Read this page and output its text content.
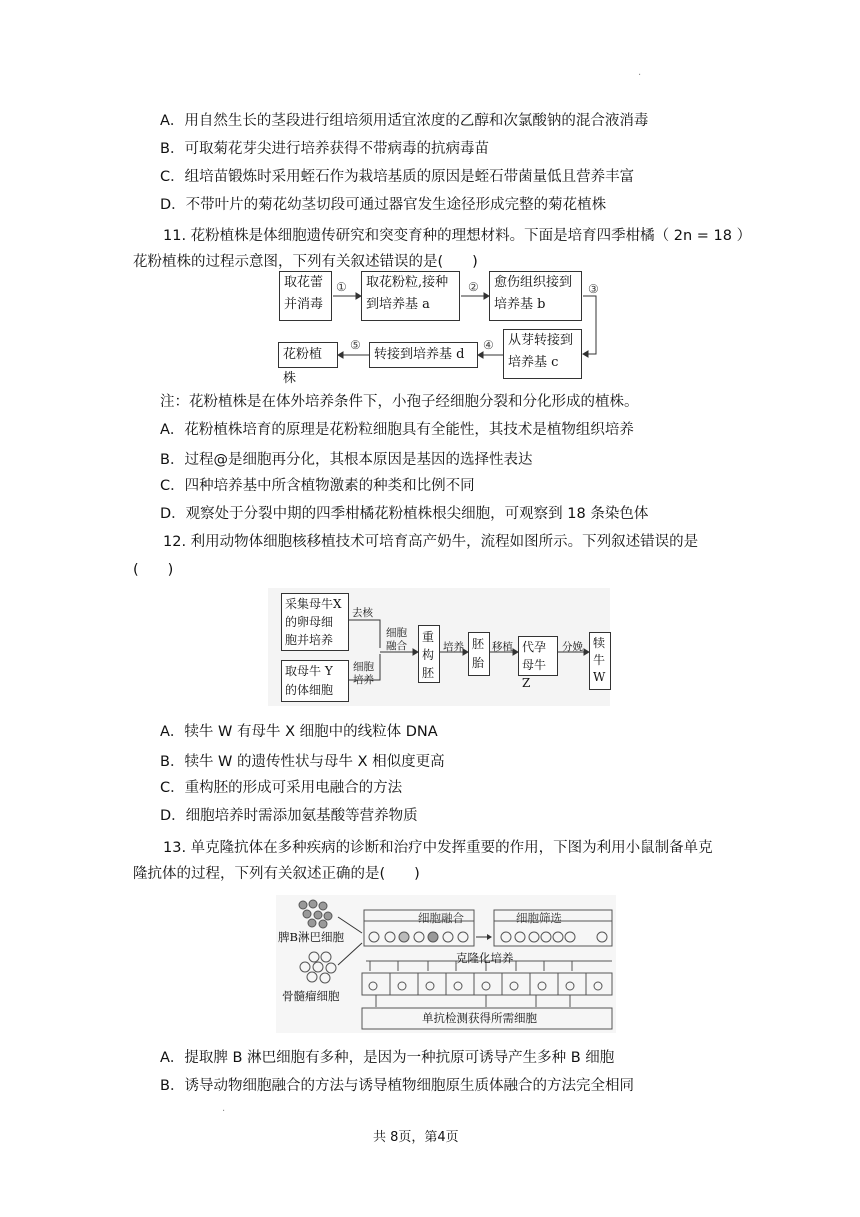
·
A．用自然生长的茎段进行组培须用适宜浓度的乙醇和次氯酸钠的混合液消毒
B．可取菊花芽尖进行培养获得不带病毒的抗病毒苗
C．组培苗锻炼时采用蛭石作为栽培基质的原因是蛭石带菌量低且营养丰富
D．不带叶片的菊花幼茎切段可通过器官发生途径形成完整的菊花植株
11. 花粉植株是体细胞遗传研究和突变育种的理想材料。下面是培育四季柑橘（ 2n = 18 ）
花粉植株的过程示意图，下列有关叙述错误的是(　　)
取花蕾
并消毒
取花粉粒,接种
到培养基 a
愈伤组织接到
培养基 b
从芽转接到
培养基 c
转接到培养基 d
花粉植株
①	②	③
④
⑤
注：花粉植株是在体外培养条件下，小孢子经细胞分裂和分化形成的植株。
A．花粉植株培育的原理是花粉粒细胞具有全能性，其技术是植物组织培养
B．过程@是细胞再分化，其根本原因是基因的选择性表达
C．四种培养基中所含植物激素的种类和比例不同
D．观察处于分裂中期的四季柑橘花粉植株根尖细胞，可观察到 18 条染色体
12. 利用动物体细胞核移植技术可培育高产奶牛，流程如图所示。下列叙述错误的是
(　　)
采集母牛X
的卵母细
胞并培养
取母牛 Y
的体细胞
重
构
胚
胚
胎
代孕
母牛 Z
犊
牛
W
去核
细胞
培养
细胞
融合	培养	移植	分娩
A．犊牛 W 有母牛 X 细胞中的线粒体 DNA
B．犊牛 W 的遗传性状与母牛 X 相似度更高
C．重构胚的形成可采用电融合的方法
D．细胞培养时需添加氨基酸等营养物质
13. 单克隆抗体在多种疾病的诊断和治疗中发挥重要的作用，下图为利用小鼠制备单克
隆抗体的过程，下列有关叙述正确的是(　　)
脾B淋巴细胞
骨髓瘤细胞
细胞融合	细胞筛选
克隆化培养
单抗检测获得所需细胞
A．提取脾 B 淋巴细胞有多种，是因为一种抗原可诱导产生多种 B 细胞
B．诱导动物细胞融合的方法与诱导植物细胞原生质体融合的方法完全相同
·
共 8页，第4页
